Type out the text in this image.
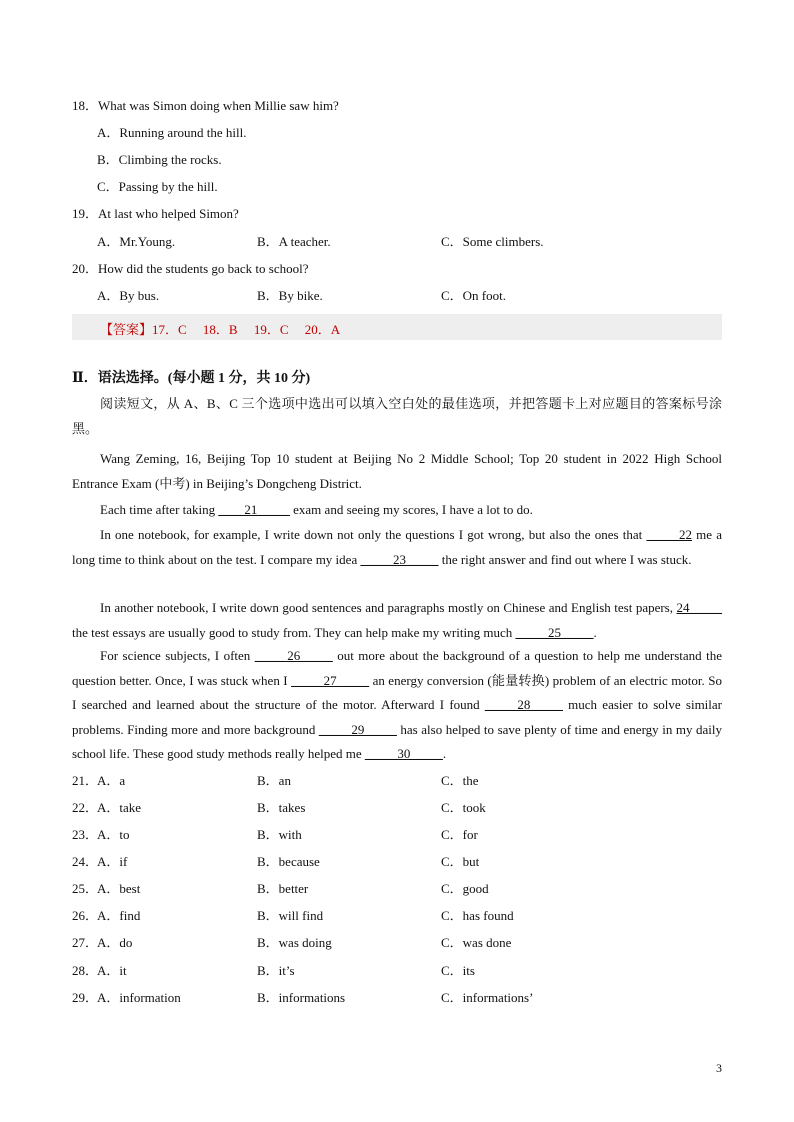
18．What was Simon doing when Millie saw him?
A．Running around the hill.
B．Climbing the rocks.
C．Passing by the hill.
19．At last who helped Simon?
A．Mr.Young.	B．A teacher.	C．Some climbers.
20．How did the students go back to school?
A．By bus.	B．By bike.	C．On foot.
【答案】17．C　 18．B　 19．C　 20．A
Ⅱ．语法选择。(每小题 1 分，共 10 分)
阅读短文，从 A、B、C 三个选项中选出可以填入空白处的最佳选项，并把答题卡上对应题目的答案标号涂黑。
Wang Zeming, 16, Beijing Top 10 student at Beijing No 2 Middle School; Top 20 student in 2022 High School Entrance Exam (中考) in Beijing’s Dongcheng District.
Each time after taking ____21_____ exam and seeing my scores, I have a lot to do.
In one notebook, for example, I write down not only the questions I got wrong, but also the ones that _____22 me a long time to think about on the test. I compare my idea _____23_____ the right answer and find out where I was stuck.
In another notebook, I write down good sentences and paragraphs mostly on Chinese and English test papers, 24_____ the test essays are usually good to study from. They can help make my writing much _____25_____.
For science subjects, I often _____26_____ out more about the background of a question to help me understand the question better. Once, I was stuck when I _____27_____ an energy conversion (能量转换) problem of an electric motor. So I searched and learned about the structure of the motor. Afterward I found _____28_____ much easier to solve similar problems. Finding more and more background _____29_____ has also helped to save plenty of time and energy in my daily school life. These good study methods really helped me _____30_____.
21．
A．a	B．an	C．the
22．
A．take	B．takes	C．took
23．
A．to	B．with	C．for
24．
A．if	B．because	C．but
25．
A．best	B．better	C．good
26．
A．find	B．will find	C．has found
27．
A．do	B．was doing	C．was done
28．
A．it	B．it’s	C．its
29．
A．information	B．informations	C．informations’
3
